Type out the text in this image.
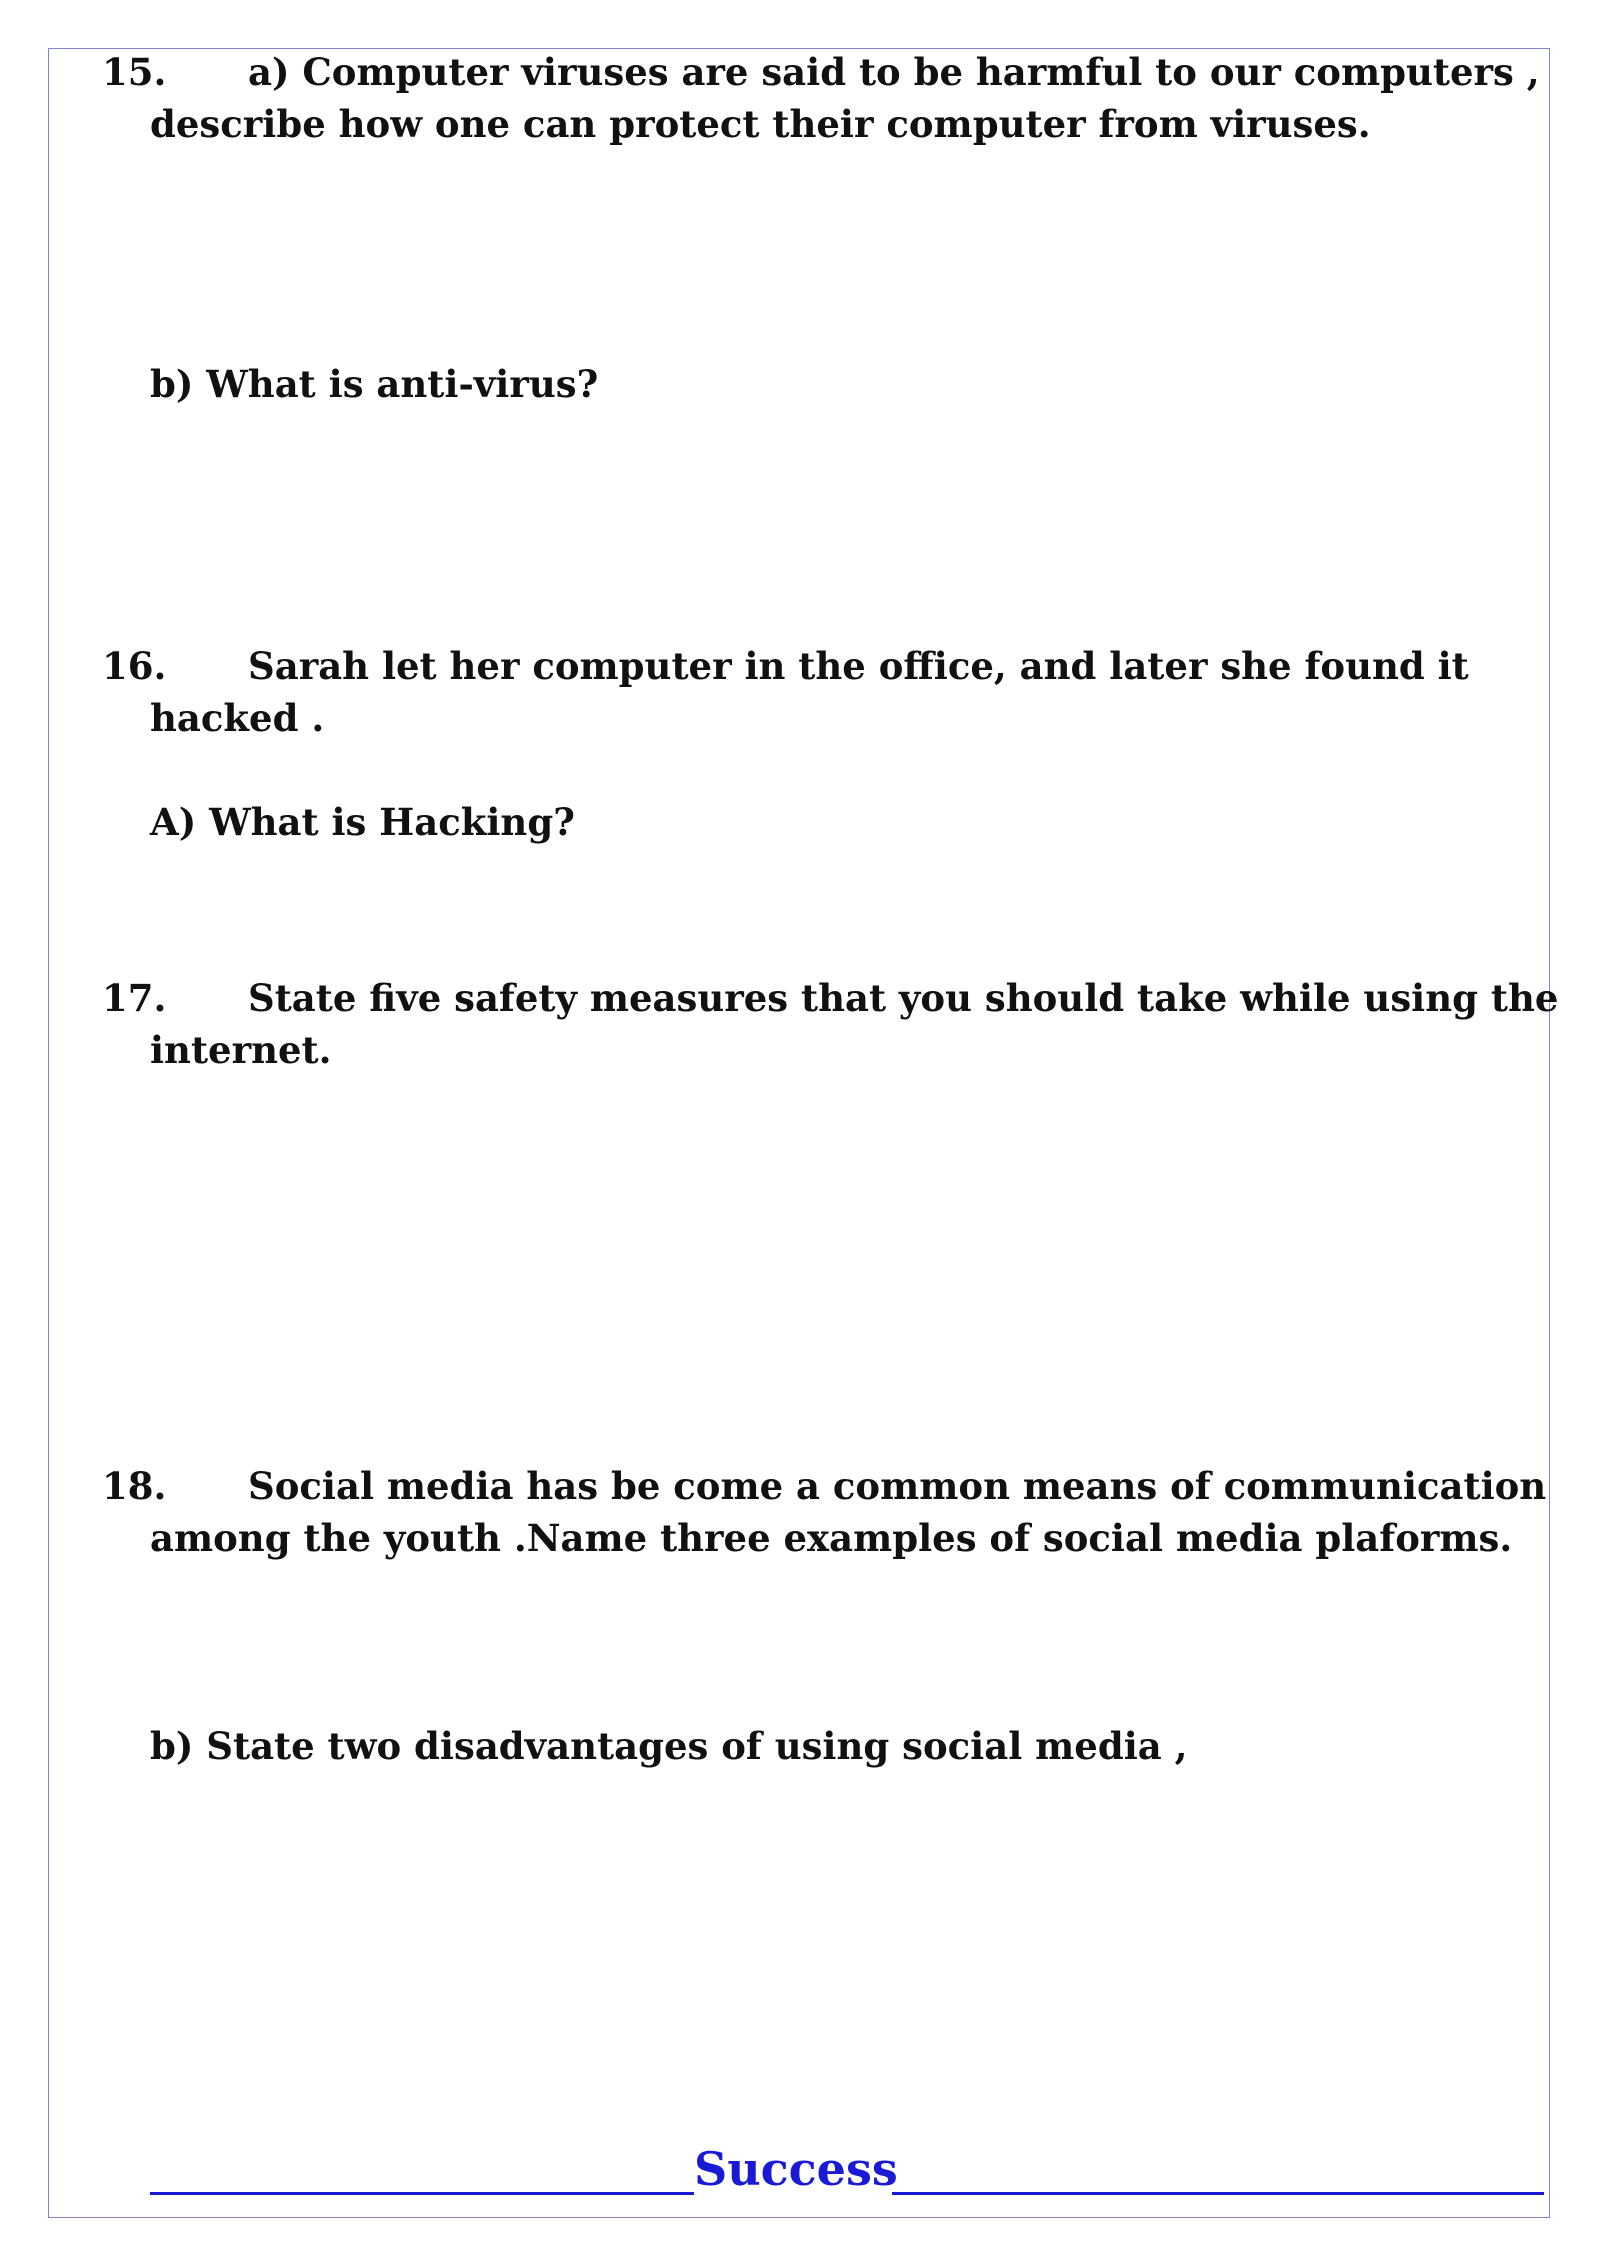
15. a) Computer viruses are said to be harmful to our computers ,
describe how one can protect their computer from viruses.
b) What is anti-virus?
16. Sarah let her computer in the office, and later she found it
hacked .
A) What is Hacking?
17. State five safety measures that you should take while using the
internet.
18. Social media has be come a common means of communication
among the youth .Name three examples of social media plaforms.
b) State two disadvantages of using social media ,
Success
